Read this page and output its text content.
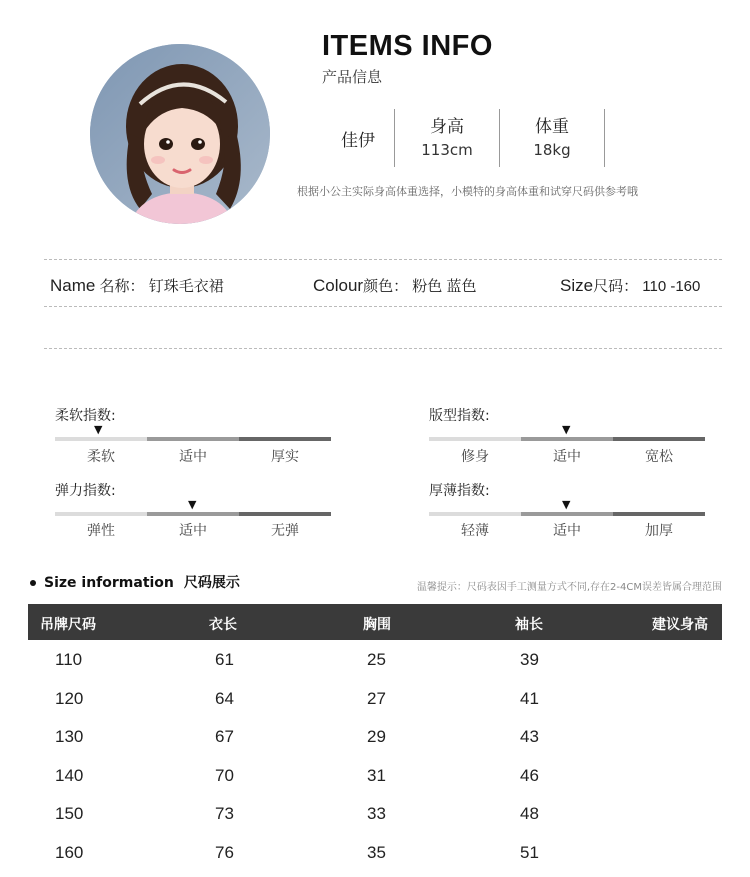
ITEMS INFO
产品信息
佳伊
身高
113cm
体重
18kg
根据小公主实际身高体重选择，小模特的身高体重和试穿尺码供参考哦
Name 名称： 钉珠毛衣裙	Colour颜色： 粉色 蓝色	Size尺码： 110 -160
柔软指数:
▼
柔软	适中	厚实
版型指数:
▼
修身	适中	宽松
弹力指数:
▼
弹性	适中	无弹
厚薄指数:
▼
轻薄	适中	加厚
Size information 尺码展示	温馨提示：尺码表因手工测量方式不同,存在2-4CM误差皆属合理范围
吊牌尺码	衣长	胸围	袖长	建议身高
110	61	25	39
120	64	27	41
130	67	29	43
140	70	31	46
150	73	33	48
160	76	35	51
